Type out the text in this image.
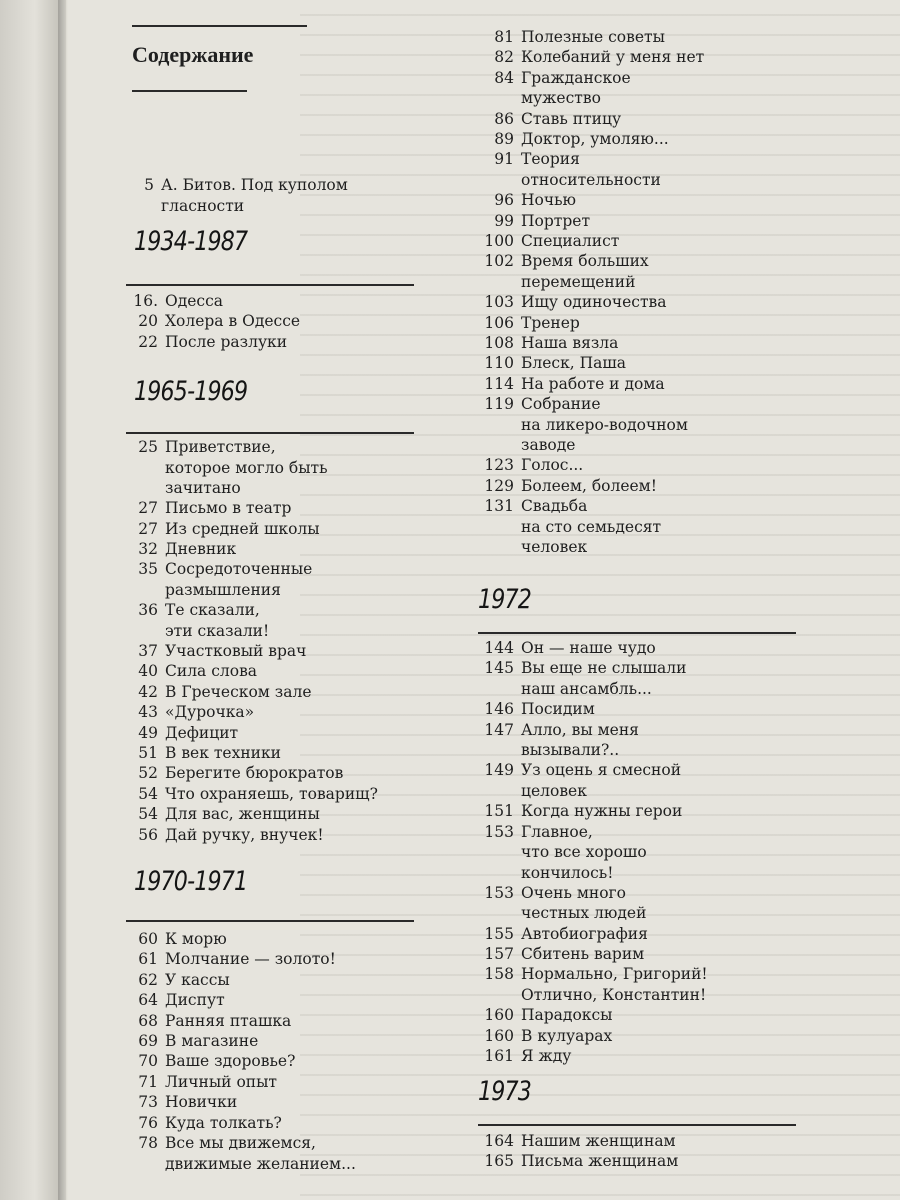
Содержание
5 А. Битов. Под куполом
гласности
1934-1987
16. Одесса
20 Холера в Одессе
22 После разлуки
1965-1969
25 Приветствие,
которое могло быть
зачитано
27 Письмо в театр
27 Из средней школы
32 Дневник
35 Сосредоточенные
размышления
36 Те сказали,
эти сказали!
37 Участковый врач
40 Сила слова
42 В Греческом зале
43 «Дурочка»
49 Дефицит
51 В век техники
52 Берегите бюрократов
54 Что охраняешь, товарищ?
54 Для вас, женщины
56 Дай ручку, внучек!
1970-1971
60 К морю
61 Молчание — золото!
62 У кассы
64 Диспут
68 Ранняя пташка
69 В магазине
70 Ваше здоровье?
71 Личный опыт
73 Новички
76 Куда толкать?
78 Все мы движемся,
движимые желанием...
81 Полезные советы
82 Колебаний у меня нет
84 Гражданское
мужество
86 Ставь птицу
89 Доктор, умоляю...
91 Теория
относительности
96 Ночью
99 Портрет
100 Специалист
102 Время больших
перемещений
103 Ищу одиночества
106 Тренер
108 Наша вязла
110 Блеск, Паша
114 На работе и дома
119 Собрание
на ликеро-водочном
заводе
123 Голос...
129 Болеем, болеем!
131 Свадьба
на сто семьдесят
человек
1972
144 Он — наше чудо
145 Вы еще не слышали
наш ансамбль...
146 Посидим
147 Алло, вы меня
вызывали?..
149 Уз оцень я смесной
целовек
151 Когда нужны герои
153 Главное,
что все хорошо
кончилось!
153 Очень много
честных людей
155 Автобиография
157 Сбитень варим
158 Нормально, Григорий!
Отлично, Константин!
160 Парадоксы
160 В кулуарах
161 Я жду
1973
164 Нашим женщинам
165 Письма женщинам
